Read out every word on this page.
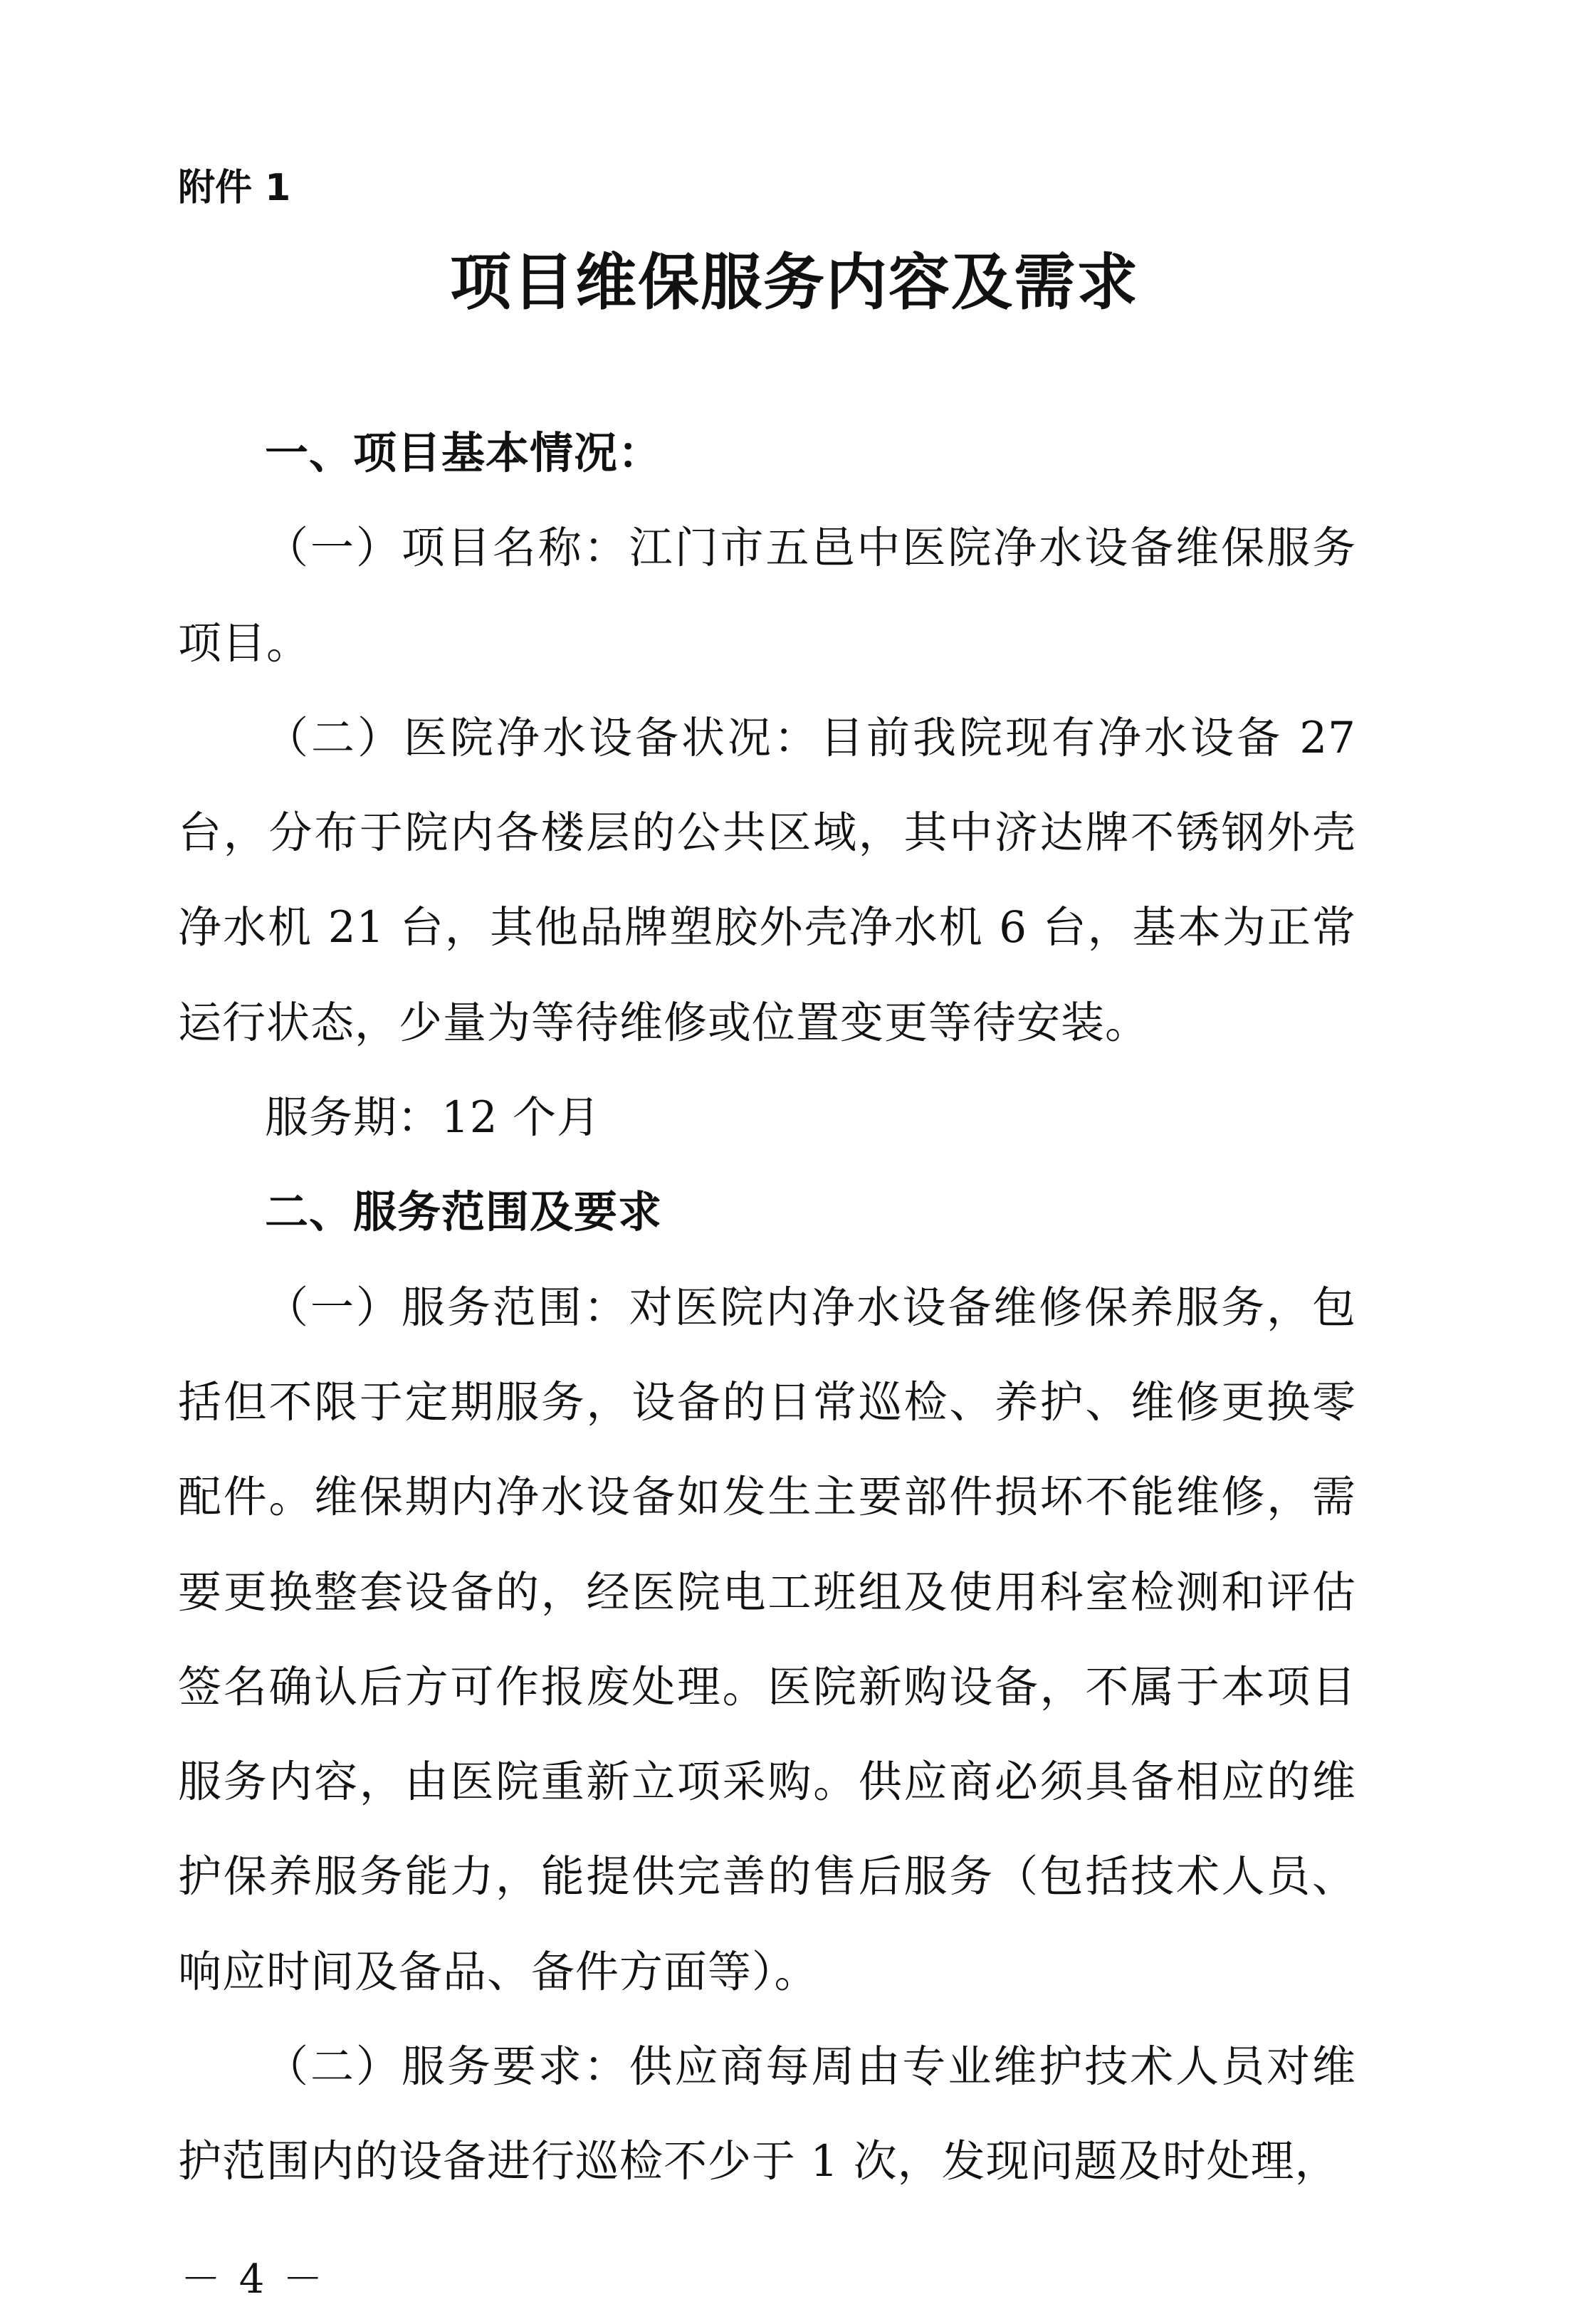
附件 1
项目维保服务内容及需求

一、项目基本情况：

（一）项目名称：江门市五邑中医院净水设备维保服务项目。

（二）医院净水设备状况：目前我院现有净水设备 27 台，分布于院内各楼层的公共区域，其中济达牌不锈钢外壳净水机 21 台，其他品牌塑胶外壳净水机 6 台，基本为正常运行状态，少量为等待维修或位置变更等待安装。

服务期：12 个月

二、服务范围及要求

（一）服务范围：对医院内净水设备维修保养服务，包括但不限于定期服务，设备的日常巡检、养护、维修更换零配件。维保期内净水设备如发生主要部件损坏不能维修，需要更换整套设备的，经医院电工班组及使用科室检测和评估签名确认后方可作报废处理。医院新购设备，不属于本项目服务内容，由医院重新立项采购。供应商必须具备相应的维护保养服务能力，能提供完善的售后服务（包括技术人员、响应时间及备品、备件方面等）。

（二）服务要求：供应商每周由专业维护技术人员对维护范围内的设备进行巡检不少于 1 次，发现问题及时处理，

－ 4 －
